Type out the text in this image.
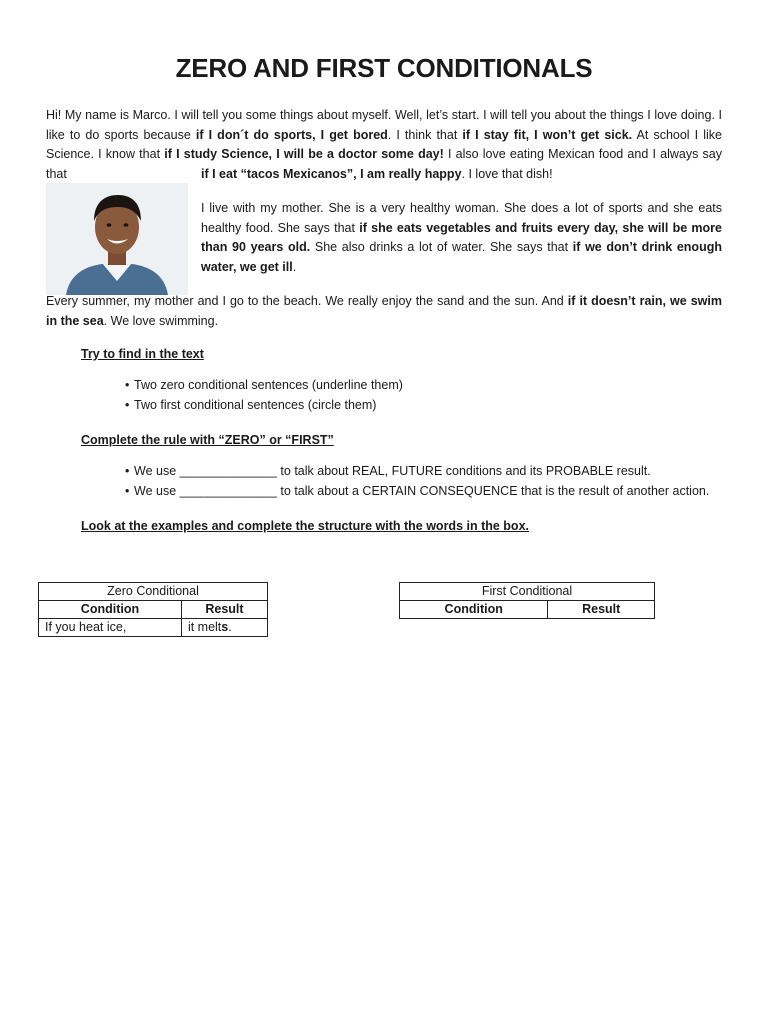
ZERO AND FIRST CONDITIONALS

Hi! My name is Marco. I will tell you some things about myself. Well, let’s start. I will tell you about the things I love doing. I like to do sports because if I don´t do sports, I get bored. I think that if I stay fit, I won’t get sick. At school I like Science. I know that if I study Science, I will be a doctor some day! I also love eating Mexican food and I always say that	if I eat “tacos Mexicanos”, I am really happy. I love that dish!

I live with my mother. She is a very healthy woman. She does a lot of sports and she eats healthy food. She says that if she eats vegetables and fruits every day, she will be more than 90 years old. She also drinks a lot of water. She says that if we don’t drink enough water, we get ill.

Every summer, my mother and I go to the beach. We really enjoy the sand and the sun. And if it doesn’t rain, we swim in the sea. We love swimming.

Try to find in the text

• Two zero conditional sentences (underline them)
• Two first conditional sentences (circle them)

Complete the rule with “ZERO” or “FIRST”

• We use ______________ to talk about REAL, FUTURE conditions and its PROBABLE result.
• We use ______________ to talk about a CERTAIN CONSEQUENCE that is the result of another action.

Look at the examples and complete the structure with the words in the box.

Zero Conditional	
Condition	Result
If you heat ice,	it melts.
First Conditional
Condition	Result
